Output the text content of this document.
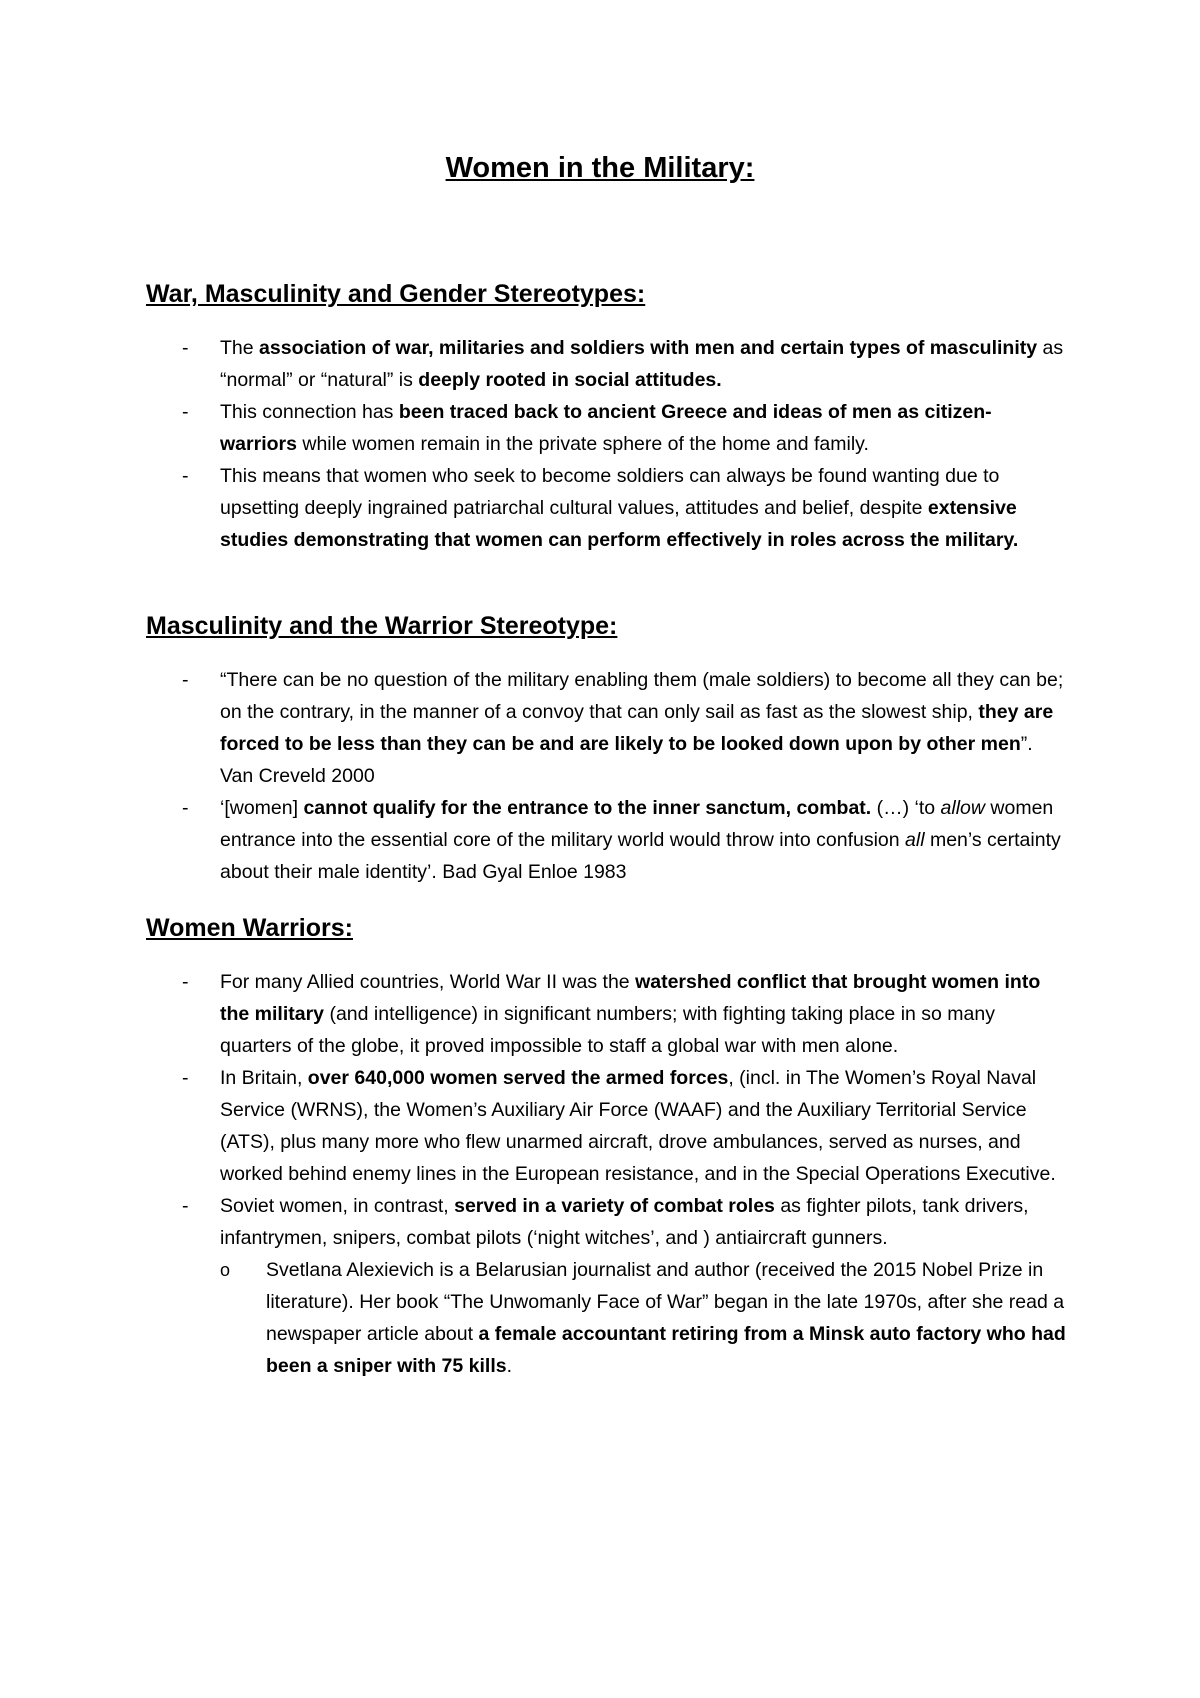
Women in the Military:
War, Masculinity and Gender Stereotypes:
- The association of war, militaries and soldiers with men and certain types of masculinity as “normal” or “natural” is deeply rooted in social attitudes.
- This connection has been traced back to ancient Greece and ideas of men as citizen-warriors while women remain in the private sphere of the home and family.
- This means that women who seek to become soldiers can always be found wanting due to upsetting deeply ingrained patriarchal cultural values, attitudes and belief, despite extensive studies demonstrating that women can perform effectively in roles across the military.
Masculinity and the Warrior Stereotype:
- “There can be no question of the military enabling them (male soldiers) to become all they can be; on the contrary, in the manner of a convoy that can only sail as fast as the slowest ship, they are forced to be less than they can be and are likely to be looked down upon by other men”. Van Creveld 2000
- ‘[women] cannot qualify for the entrance to the inner sanctum, combat. (…) ‘to allow women entrance into the essential core of the military world would throw into confusion all men’s certainty about their male identity’. Bad Gyal Enloe 1983
Women Warriors:
- For many Allied countries, World War II was the watershed conflict that brought women into the military (and intelligence) in significant numbers; with fighting taking place in so many quarters of the globe, it proved impossible to staff a global war with men alone.
- In Britain, over 640,000 women served the armed forces, (incl. in The Women’s Royal Naval Service (WRNS), the Women’s Auxiliary Air Force (WAAF) and the Auxiliary Territorial Service (ATS), plus many more who flew unarmed aircraft, drove ambulances, served as nurses, and worked behind enemy lines in the European resistance, and in the Special Operations Executive.
- Soviet women, in contrast, served in a variety of combat roles as fighter pilots, tank drivers, infantrymen, snipers, combat pilots (‘night witches’, and ) antiaircraft gunners.
o Svetlana Alexievich is a Belarusian journalist and author (received the 2015 Nobel Prize in literature). Her book “The Unwomanly Face of War” began in the late 1970s, after she read a newspaper article about a female accountant retiring from a Minsk auto factory who had been a sniper with 75 kills.
